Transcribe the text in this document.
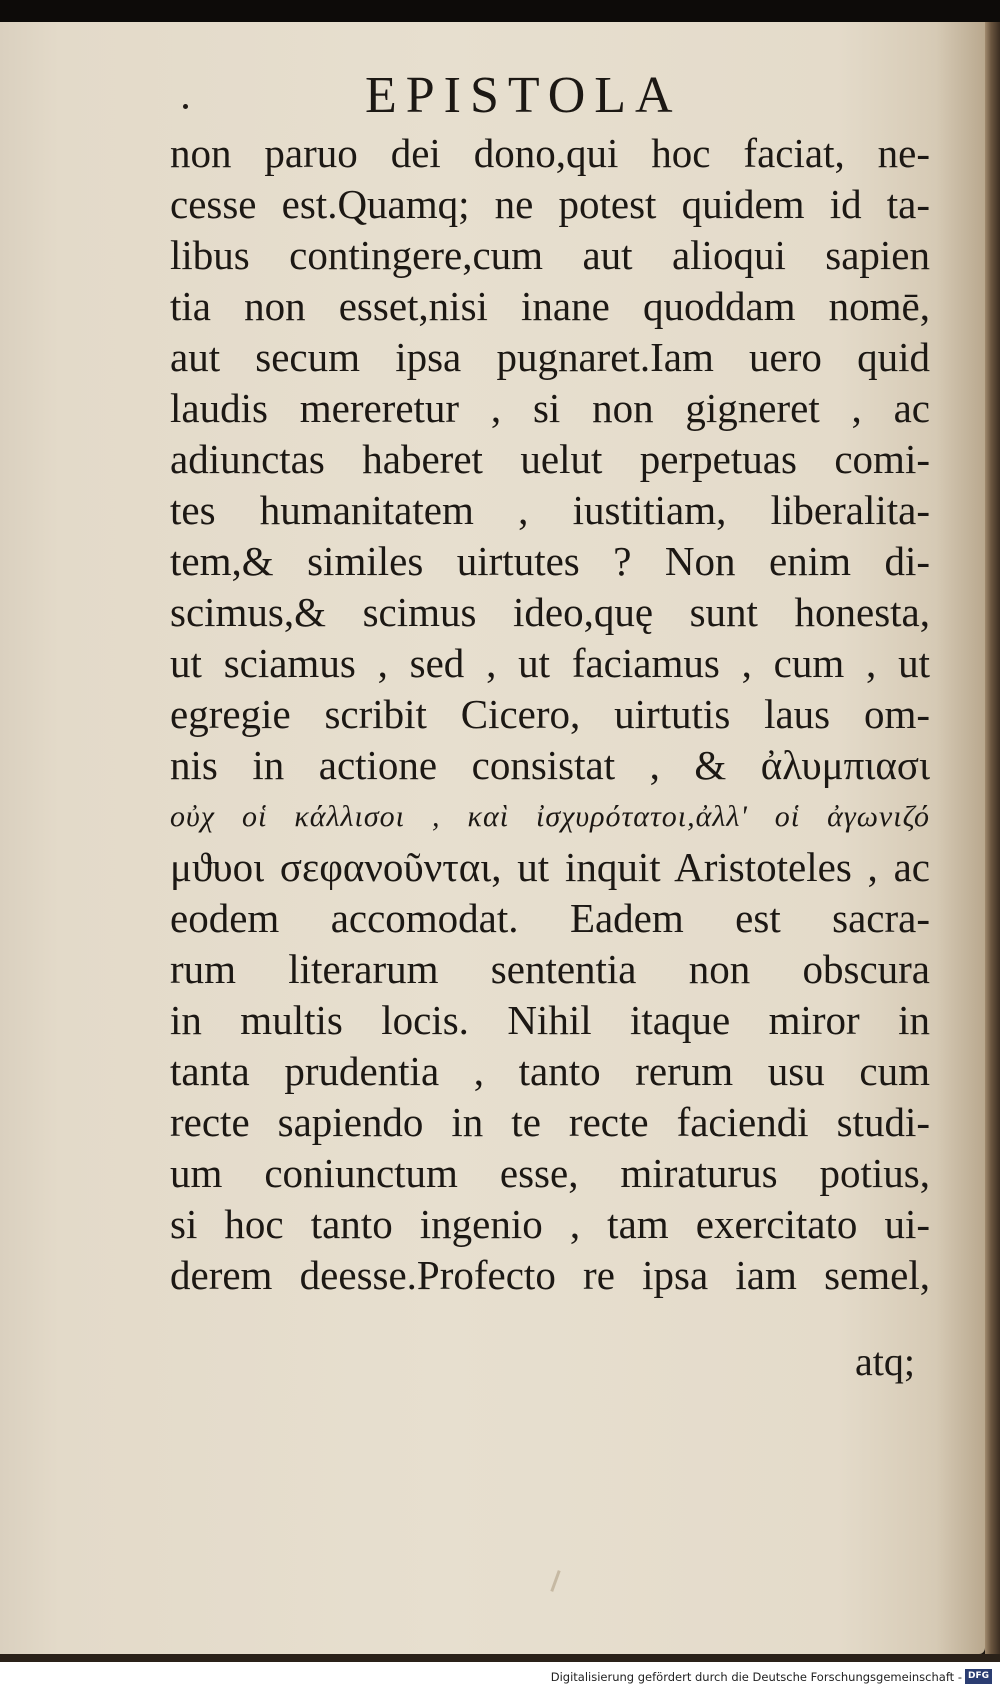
EPISTOLA
non paruo dei dono,qui hoc faciat, ne-
cesse est.Quamq; ne potest quidem id ta-
libus contingere,cum aut alioqui sapien
tia non esset,nisi inane quoddam nomē,
aut secum ipsa pugnaret.Iam uero quid
laudis mereretur , si non gigneret , ac
adiunctas haberet uelut perpetuas comi-
tes humanitatem , iustitiam, liberalita-
tem,& similes uirtutes ? Non enim di-
scimus,& scimus ideo,quę sunt honesta,
ut sciamus , sed , ut faciamus , cum , ut
egregie scribit Cicero, uirtutis laus om-
nis in actione consistat , & ἀλυμπιασι
οὐχ οἱ κάλλισοι , καὶ ἰσχυρότατοι,ἀλλ' οἱ ἀγωνιζό
μϑυοι σεφανοῦνται, ut inquit Aristoteles , ac
eodem accomodat. Eadem est sacra-
rum literarum sententia non obscura
in multis locis. Nihil itaque miror in
tanta prudentia , tanto rerum usu cum
recte sapiendo in te recte faciendi studi-
um coniunctum esse, miraturus potius,
si hoc tanto ingenio , tam exercitato ui-
derem deesse.Profecto re ipsa iam semel,
atq;
Digitalisierung gefördert durch die Deutsche Forschungsgemeinschaft - DFG
